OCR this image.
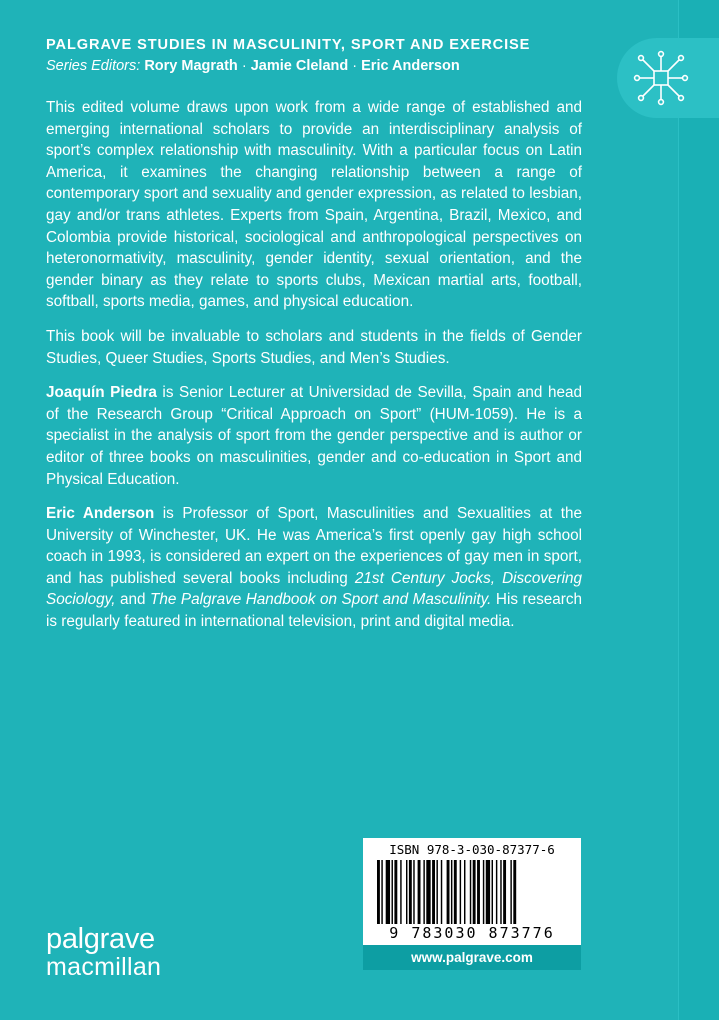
PALGRAVE STUDIES IN MASCULINITY, SPORT AND EXERCISE
Series Editors: Rory Magrath · Jamie Cleland · Eric Anderson

This edited volume draws upon work from a wide range of established and emerging international scholars to provide an interdisciplinary analysis of sport’s complex relationship with masculinity. With a particular focus on Latin America, it examines the changing relationship between a range of contemporary sport and sexuality and gender expression, as related to lesbian, gay and/or trans athletes. Experts from Spain, Argentina, Brazil, Mexico, and Colombia provide historical, sociological and anthropological perspectives on heteronormativity, masculinity, gender identity, sexual orientation, and the gender binary as they relate to sports clubs, Mexican martial arts, football, softball, sports media, games, and physical education.

This book will be invaluable to scholars and students in the fields of Gender Studies, Queer Studies, Sports Studies, and Men’s Studies.

Joaquín Piedra is Senior Lecturer at Universidad de Sevilla, Spain and head of the Research Group “Critical Approach on Sport” (HUM-1059). He is a specialist in the analysis of sport from the gender perspective and is author or editor of three books on masculinities, gender and co-education in Sport and Physical Education.

Eric Anderson is Professor of Sport, Masculinities and Sexualities at the University of Winchester, UK. He was America’s first openly gay high school coach in 1993, is considered an expert on the experiences of gay men in sport, and has published several books including 21st Century Jocks, Discovering Sociology, and The Palgrave Handbook on Sport and Masculinity. His research is regularly featured in international television, print and digital media.

palgrave
macmillan
ISBN 978-3-030-87377-6
9 783030 873776
www.palgrave.com
